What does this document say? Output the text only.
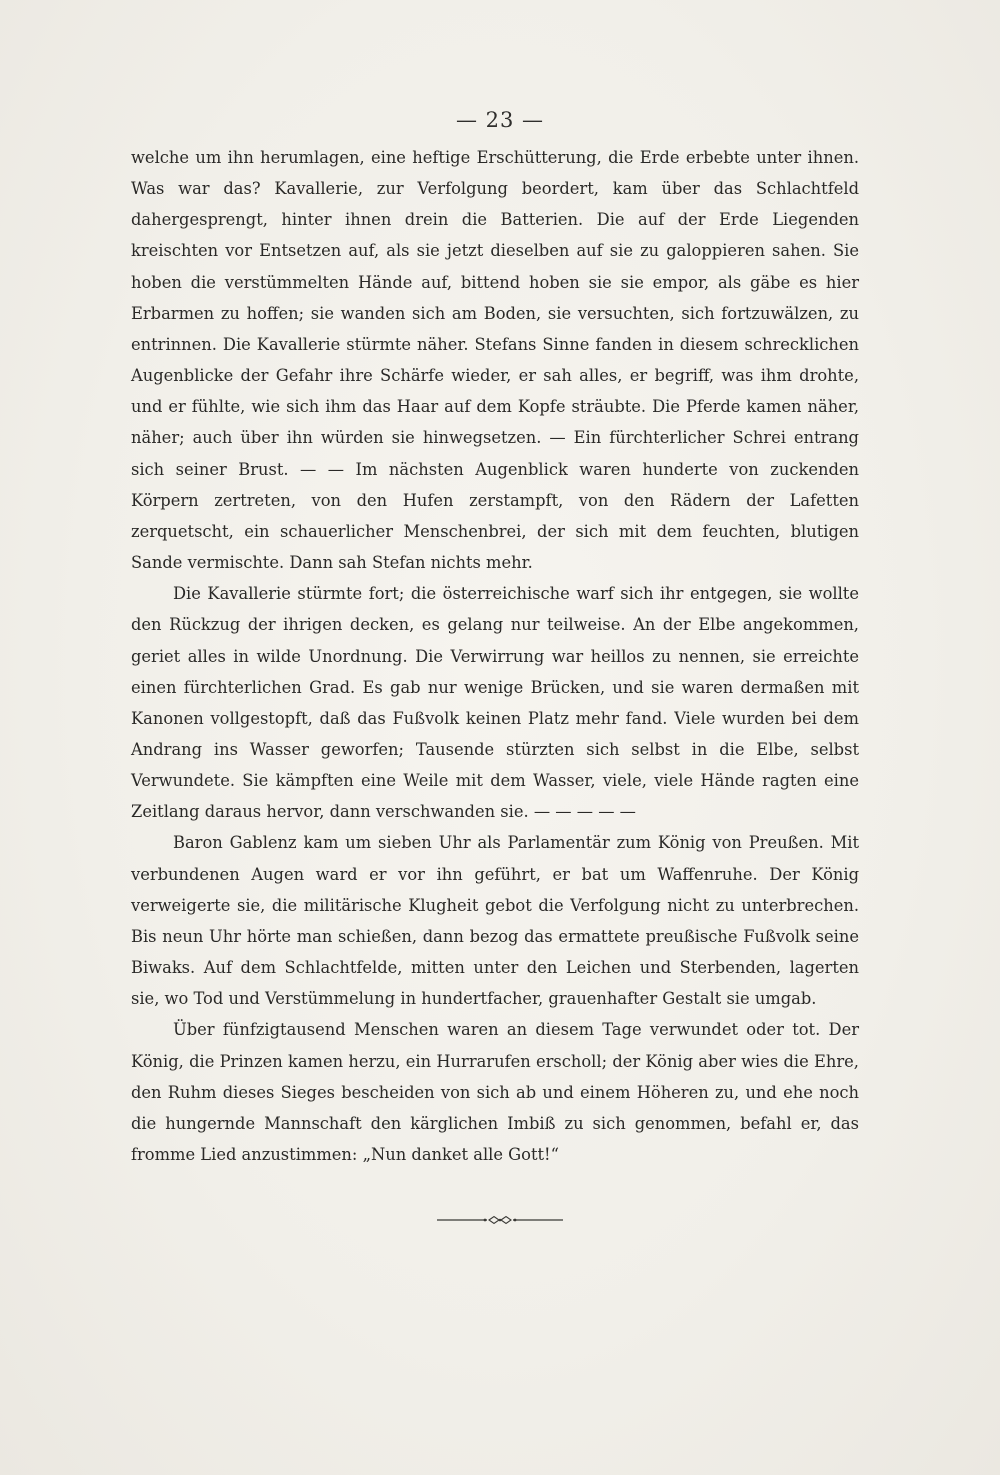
— 23 —

welche um ihn herumlagen, eine heftige Erschütterung, die Erde erbebte unter ihnen. Was war das? Kavallerie, zur Verfolgung beordert, kam über das Schlachtfeld dahergesprengt, hinter ihnen drein die Batterien. Die auf der Erde Liegenden kreischten vor Entsetzen auf, als sie jetzt dieselben auf sie zu galoppieren sahen. Sie hoben die verstümmelten Hände auf, bittend hoben sie sie empor, als gäbe es hier Erbarmen zu hoffen; sie wanden sich am Boden, sie versuchten, sich fortzuwälzen, zu entrinnen. Die Kavallerie stürmte näher. Stefans Sinne fanden in diesem schrecklichen Augenblicke der Gefahr ihre Schärfe wieder, er sah alles, er begriff, was ihm drohte, und er fühlte, wie sich ihm das Haar auf dem Kopfe sträubte. Die Pferde kamen näher, näher; auch über ihn würden sie hinwegsetzen. — Ein fürchterlicher Schrei entrang sich seiner Brust. — — Im nächsten Augenblick waren hunderte von zuckenden Körpern zertreten, von den Hufen zerstampft, von den Rädern der Lafetten zerquetscht, ein schauerlicher Menschenbrei, der sich mit dem feuchten, blutigen Sande vermischte. Dann sah Stefan nichts mehr.

Die Kavallerie stürmte fort; die österreichische warf sich ihr entgegen, sie wollte den Rückzug der ihrigen decken, es gelang nur teilweise. An der Elbe angekommen, geriet alles in wilde Unordnung. Die Verwirrung war heillos zu nennen, sie erreichte einen fürchterlichen Grad. Es gab nur wenige Brücken, und sie waren dermaßen mit Kanonen vollgestopft, daß das Fußvolk keinen Platz mehr fand. Viele wurden bei dem Andrang ins Wasser geworfen; Tausende stürzten sich selbst in die Elbe, selbst Verwundete. Sie kämpften eine Weile mit dem Wasser, viele, viele Hände ragten eine Zeitlang daraus hervor, dann verschwanden sie. — — — — —

Baron Gablenz kam um sieben Uhr als Parlamentär zum König von Preußen. Mit verbundenen Augen ward er vor ihn geführt, er bat um Waffenruhe. Der König verweigerte sie, die militärische Klugheit gebot die Verfolgung nicht zu unterbrechen. Bis neun Uhr hörte man schießen, dann bezog das ermattete preußische Fußvolk seine Biwaks. Auf dem Schlachtfelde, mitten unter den Leichen und Sterbenden, lagerten sie, wo Tod und Verstümmelung in hundertfacher, grauenhafter Gestalt sie umgab.

Über fünfzigtausend Menschen waren an diesem Tage verwundet oder tot. Der König, die Prinzen kamen herzu, ein Hurrarufen erscholl; der König aber wies die Ehre, den Ruhm dieses Sieges bescheiden von sich ab und einem Höheren zu, und ehe noch die hungernde Mannschaft den kärglichen Imbiß zu sich genommen, befahl er, das fromme Lied anzustimmen: „Nun danket alle Gott!“
